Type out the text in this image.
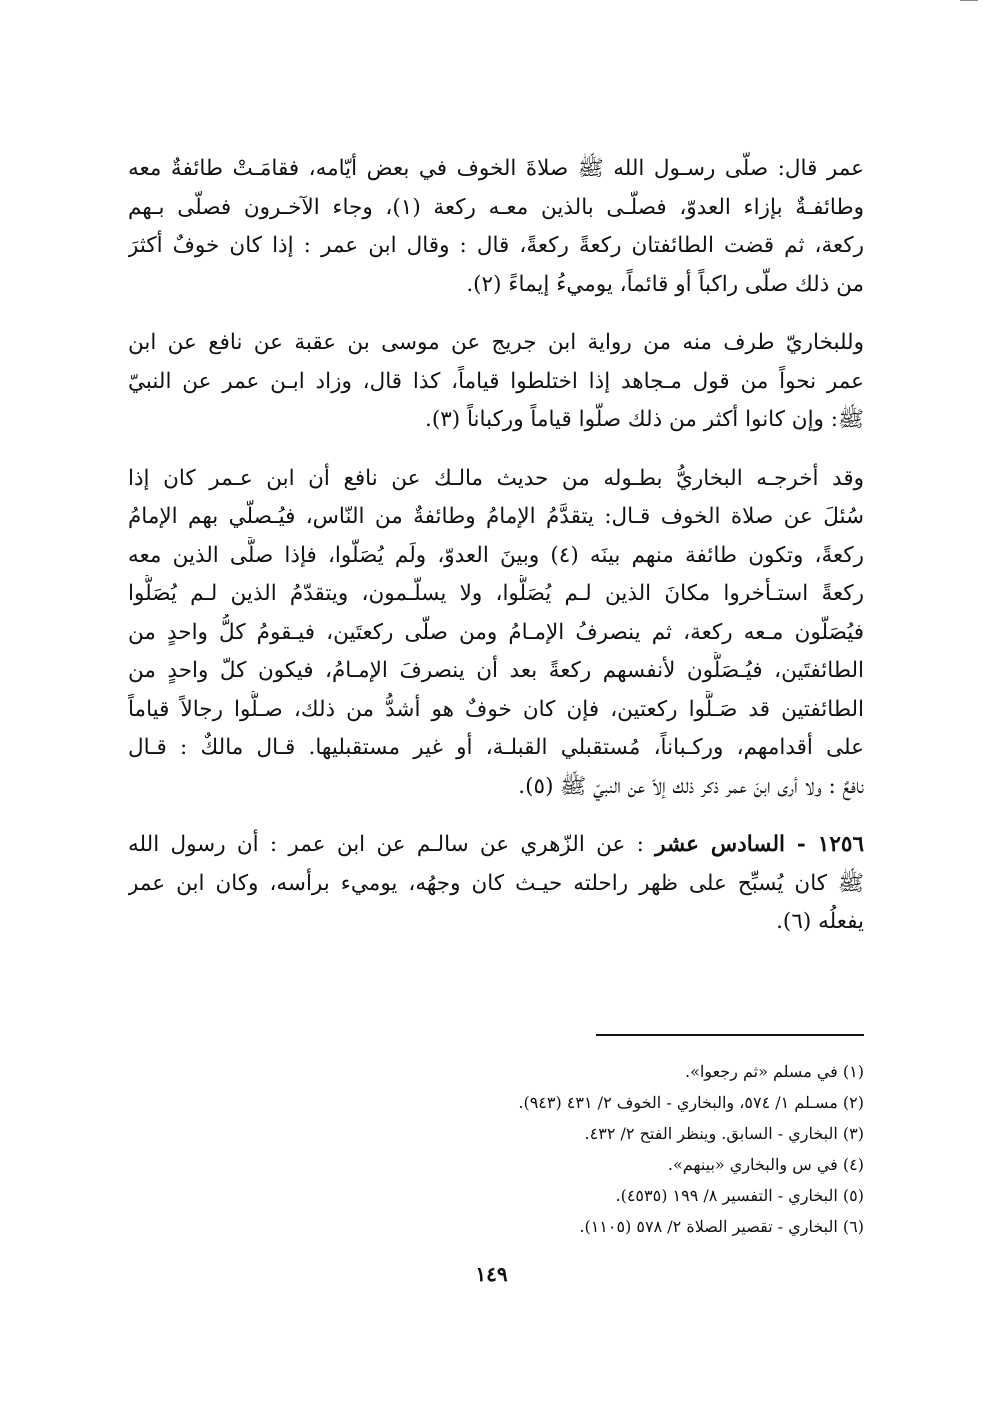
عمر قال: صلّى رسـول الله ﷺ صلاةَ الخوف في بعض أيّامه، فقامَـتْ طائفةٌ معه
وطائفـةٌ بإزاء العدوّ، فصلّـى بالذين معـه ركعة (١)، وجاء الآخـرون فصلّى بـهم
ركعة، ثم قضت الطائفتان ركعةً ركعةً، قال : وقال ابن عمر : إذا كان خوفٌ أكثرَ
من ذلك صلّى راكباً أو قائماً، يوميءُ إيماءً (٢).
وللبخاريّ طرف منه من رواية ابن جريج عن موسى بن عقبة عن نافع عن ابن
عمر نحواً من قول مـجاهد إذا اختلطوا قياماً، كذا قال، وزاد ابـن عمر عن النبيّ
ﷺ: وإن كانوا أكثر من ذلك صلّوا قياماً وركباناً (٣).
وقد أخرجـه البخاريُّ بطـوله من حديث مالـك عن نافع أن ابن عـمر كان إذا
سُئلَ عن صلاة الخوف قـال: يتقدَّمُ الإمامُ وطائفةٌ من النّاس، فيُـصلّي بهم الإمامُ
ركعةً، وتكون طائفة منهم بينَه (٤) وبينَ العدوّ، ولَم يُصَلّوا، فإذا صلَّى الذين معه
ركعةً استـأخروا مكانَ الذين لـم يُصَلُّوا، ولا يسلّـمون، ويتقدّمُ الذين لـم يُصَلُّوا
فيُصَلّون مـعه ركعة، ثم ينصرفُ الإمـامُ ومن صلّى ركعتَين، فيـقومُ كلُّ واحدٍ من
الطائفتَين، فيُـصَلُّون لأنفسهم ركعةً بعد أن ينصرفَ الإمـامُ، فيكون كلّ واحدٍ من
الطائفتين قد صَـلَّوا ركعتين، فإن كان خوفٌ هو أشدُّ من ذلك، صـلُّوا رجالاً قياماً
على أقدامهم، وركـباناً، مُستقبلي القبلـة، أو غير مستقبليها. قـال مالكٌ : قـال
نافعٌ : ولا أرى ابنَ عمر ذكر ذلك إلاّ عن النبيّ ﷺ (٥).
١٢٥٦ - السادس عشر : عن الزّهري عن سالـم عن ابن عمر : أن رسول الله
ﷺ كان يُسبِّح على ظهر راحلته حيـث كان وجهُه، يوميء برأسه، وكان ابن عمر
يفعلُه (٦).
(١) في مسلم «ثم رجعوا».
(٢) مسـلم ١/ ٥٧٤، والبخاري - الخوف ٢/ ٤٣١ (٩٤٣).
(٣) البخاري - السابق. وينظر الفتح ٢/ ٤٣٢.
(٤) في س والبخاري «بينهم».
(٥) البخاري - التفسير ٨/ ١٩٩ (٤٥٣٥).
(٦) البخاري - تقصير الصلاة ٢/ ٥٧٨ (١١٠٥).
١٤٩
